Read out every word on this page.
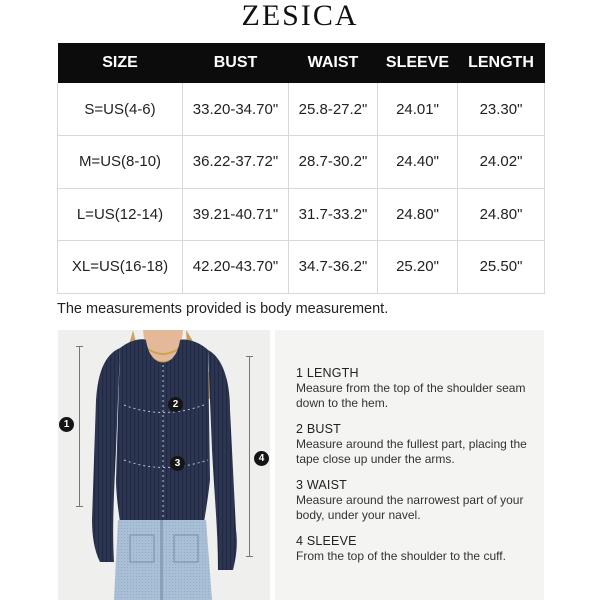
ZESICA
SIZE	BUST	WAIST	SLEEVE	LENGTH
S=US(4-6)	33.20-34.70"	25.8-27.2"	24.01"	23.30"
M=US(8-10)	36.22-37.72"	28.7-30.2"	24.40"	24.02"
L=US(12-14)	39.21-40.71"	31.7-33.2"	24.80"	24.80"
XL=US(16-18)	42.20-43.70"	34.7-36.2"	25.20"	25.50"
The measurements provided is body measurement.
1
2
3	4
1 LENGTH
Measure from the top of the shoulder seam down to the hem.
2 BUST
Measure around the fullest part, placing the tape close up under the arms.
3 WAIST
Measure around the narrowest part of your body, under your navel.
4 SLEEVE
From the top of the shoulder to the cuff.
